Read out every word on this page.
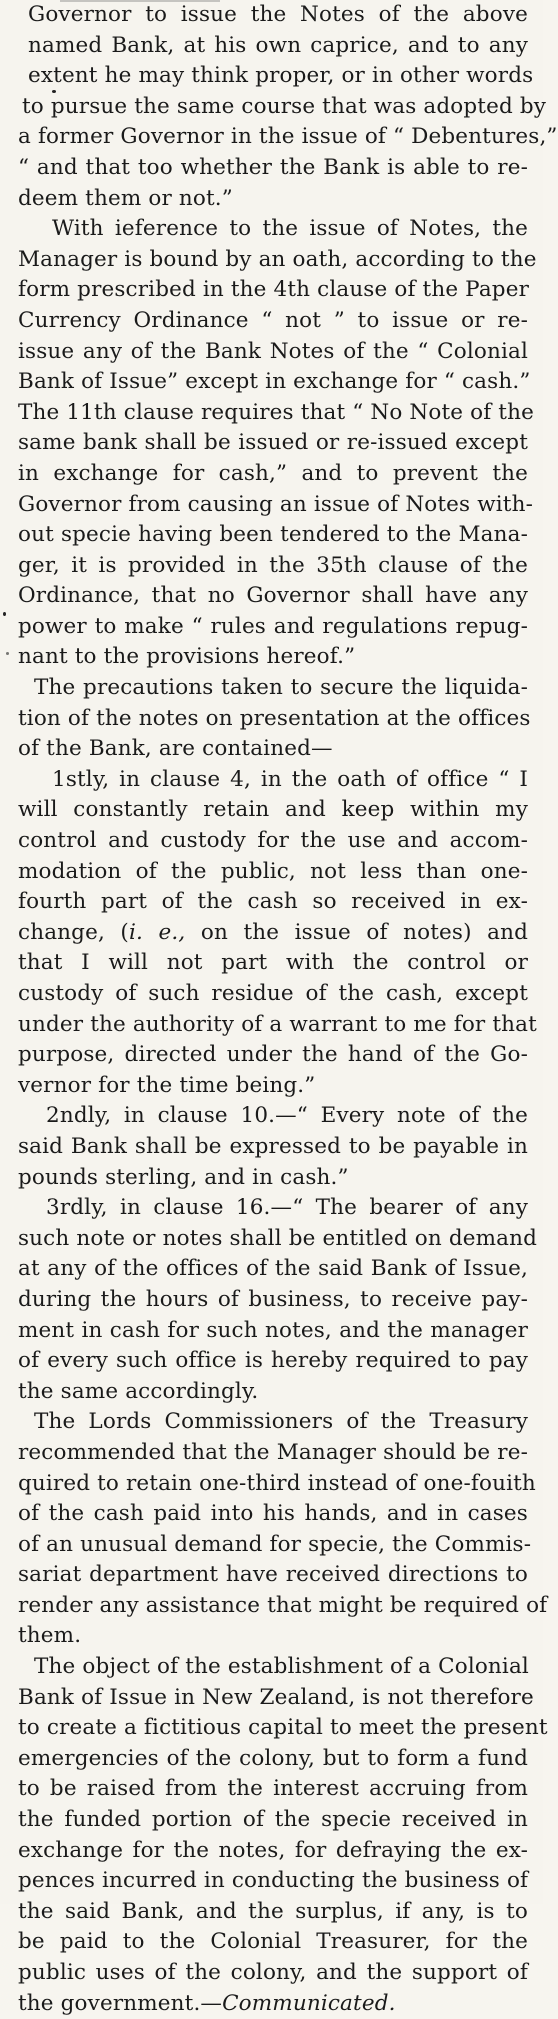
Governor to issue the Notes of the above
named Bank, at his own caprice, and to any
extent he may think proper, or in other words
to pursue the same course that was adopted by
a former Governor in the issue of “ Debentures,”
“ and that too whether the Bank is able to re-
deem them or not.”
With ieference to the issue of Notes, the
Manager is bound by an oath, according to the
form prescribed in the 4th clause of the Paper
Currency Ordinance “ not ” to issue or re-
issue any of the Bank Notes of the “ Colonial
Bank of Issue” except in exchange for “ cash.”
The 11th clause requires that “ No Note of the
same bank shall be issued or re-issued except
in exchange for cash,” and to prevent the
Governor from causing an issue of Notes with-
out specie having been tendered to the Mana-
ger, it is provided in the 35th clause of the
Ordinance, that no Governor shall have any
power to make “ rules and regulations repug-
nant to the provisions hereof.”
The precautions taken to secure the liquida-
tion of the notes on presentation at the offices
of the Bank, are contained—
1stly, in clause 4, in the oath of office “ I
will constantly retain and keep within my
control and custody for the use and accom-
modation of the public, not less than one-
fourth part of the cash so received in ex-
change, (i. e., on the issue of notes) and
that I will not part with the control or
custody of such residue of the cash, except
under the authority of a warrant to me for that
purpose, directed under the hand of the Go-
vernor for the time being.”
2ndly, in clause 10.—“ Every note of the
said Bank shall be expressed to be payable in
pounds sterling, and in cash.”
3rdly, in clause 16.—“ The bearer of any
such note or notes shall be entitled on demand
at any of the offices of the said Bank of Issue,
during the hours of business, to receive pay-
ment in cash for such notes, and the manager
of every such office is hereby required to pay
the same accordingly.
The Lords Commissioners of the Treasury
recommended that the Manager should be re-
quired to retain one-third instead of one-fouith
of the cash paid into his hands, and in cases
of an unusual demand for specie, the Commis-
sariat department have received directions to
render any assistance that might be required of
them.
The object of the establishment of a Colonial
Bank of Issue in New Zealand, is not therefore
to create a fictitious capital to meet the present
emergencies of the colony, but to form a fund
to be raised from the interest accruing from
the funded portion of the specie received in
exchange for the notes, for defraying the ex-
pences incurred in conducting the business of
the said Bank, and the surplus, if any, is to
be paid to the Colonial Treasurer, for the
public uses of the colony, and the support of
the government.—Communicated.
